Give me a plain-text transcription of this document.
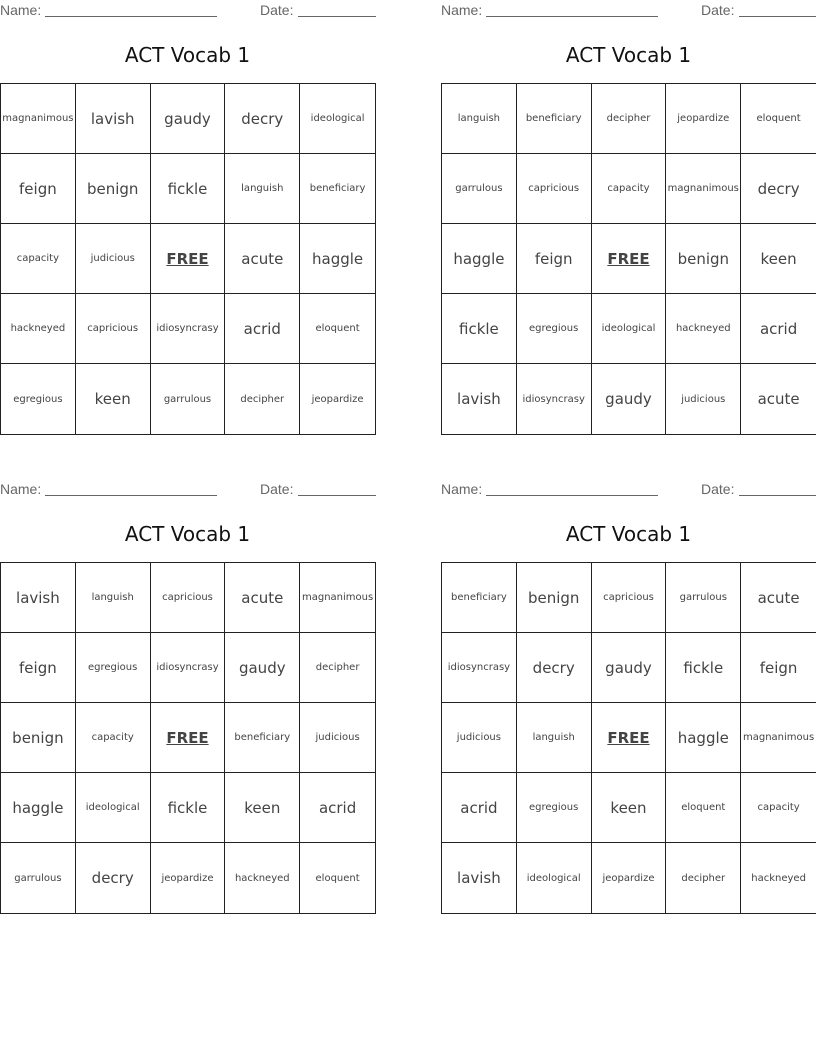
Name:	Date:
ACT Vocab 1
magnanimous	lavish	gaudy	decry	ideological
feign	benign	fickle	languish	beneficiary
capacity	judicious	FREE	acute	haggle
hackneyed	capricious	idiosyncrasy	acrid	eloquent
egregious	keen	garrulous	decipher	jeopardize
Name:	Date:
ACT Vocab 1
languish	beneficiary	decipher	jeopardize	eloquent
garrulous	capricious	capacity	magnanimous	decry
haggle	feign	FREE	benign	keen
fickle	egregious	ideological	hackneyed	acrid
lavish	idiosyncrasy	gaudy	judicious	acute
Name:	Date:
ACT Vocab 1
lavish	languish	capricious	acute	magnanimous
feign	egregious	idiosyncrasy	gaudy	decipher
benign	capacity	FREE	beneficiary	judicious
haggle	ideological	fickle	keen	acrid
garrulous	decry	jeopardize	hackneyed	eloquent
Name:	Date:
ACT Vocab 1
beneficiary	benign	capricious	garrulous	acute
idiosyncrasy	decry	gaudy	fickle	feign
judicious	languish	FREE	haggle	magnanimous
acrid	egregious	keen	eloquent	capacity
lavish	ideological	jeopardize	decipher	hackneyed
